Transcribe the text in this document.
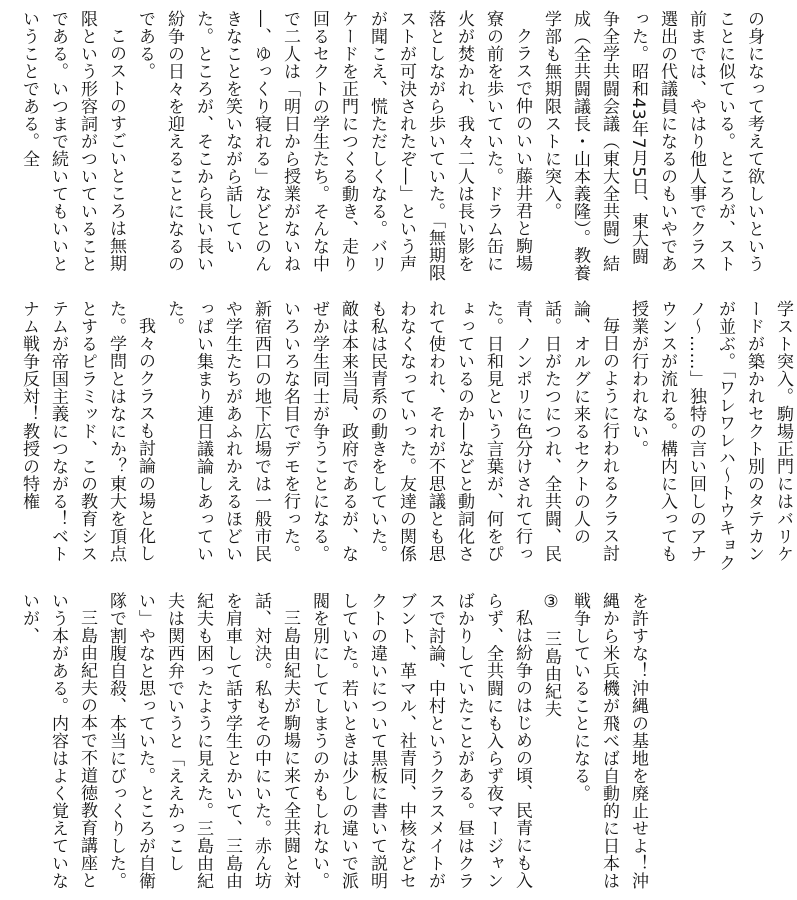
の身になって考えて欲しいということに似ている。ところが、スト前までは、やはり他人事でクラス選出の代議員になるのもいやであった。昭和43年7月5日、東大闘争全学共闘会議（東大全共闘）結成（全共闘議長・山本義隆）。教養学部も無期限ストに突入。

クラスで仲のいい藤井君と駒場寮の前を歩いていた。ドラム缶に火が焚かれ、我々二人は長い影を落としながら歩いていた。「無期限ストが可決されたぞ―」という声が聞こえ、慌ただしくなる。バリケードを正門につくる動き、走り回るセクトの学生たち。そんな中で二人は「明日から授業がないね―、ゆっくり寝れる」などとのんきなことを笑いながら話していた。ところが、そこから長い長い紛争の日々を迎えることになるのである。

このストのすごいところは無期限という形容詞がついていることである。いつまで続いてもいいということである。全

学スト突入。駒場正門にはバリケードが築かれセクト別のタテカンが並ぶ。「ワレワレハ〜トウキョクノ〜……」独特の言い回しのアナウンスが流れる。構内に入っても授業が行われない。

毎日のように行われるクラス討論、オルグに来るセクトの人の話。日がたつにつれ、全共闘、民青、ノンポリに色分けされて行った。日和見という言葉が、何をぴょっているのか―などと動詞化されて使われ、それが不思議とも思わなくなっていった。友達の関係も私は民青系の動きをしていた。敵は本来当局、政府であるが、なぜか学生同士が争うことになる。いろいろな名目でデモを行った。新宿西口の地下広場では一般市民や学生たちがあふれかえるほどいっぱい集まり連日議論しあっていた。

我々のクラスも討論の場と化した。学問とはなにか？東大を頂点とするピラミッド、この教育システムが帝国主義につながる！ベトナム戦争反対！教授の特権

を許すな！沖縄の基地を廃止せよ！沖縄から米兵機が飛べば自動的に日本は戦争していることになる。

③　三島由紀夫

私は紛争のはじめの頃、民青にも入らず、全共闘にも入らず夜マージャンばかりしていたことがある。昼はクラスで討論、中村というクラスメイトがブント、革マル、社青同、中核などセクトの違いについて黒板に書いて説明していた。若いときは少しの違いで派閥を別にしてしまうのかもしれない。

三島由紀夫が駒場に来て全共闘と対話、対決。私もその中にいた。赤ん坊を肩車して話す学生とかいて、三島由紀夫も困ったように見えた。三島由紀夫は関西弁でいうと「ええかっこしい」やなと思っていた。ところが自衛隊で割腹自殺、本当にびっくりした。

三島由紀夫の本で不道徳教育講座という本がある。内容はよく覚えていないが、
